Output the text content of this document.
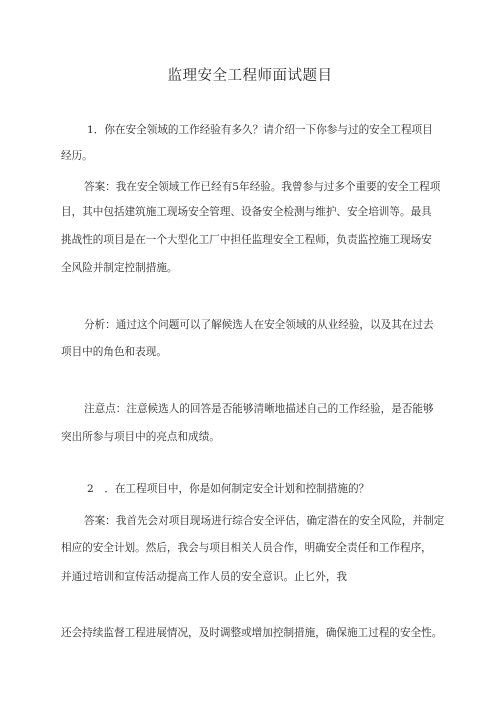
监理安全工程师面试题目
1．你在安全领域的工作经验有多久？请介绍一下你参与过的安全工程项目
经历。
答案：我在安全领域工作已经有5年经验。我曾参与过多个重要的安全工程项
目，其中包括建筑施工现场安全管理、设备安全检测与维护、安全培训等。最具
挑战性的项目是在一个大型化工厂中担任监理安全工程师，负责监控施工现场安
全风险并制定控制措施。
分析：通过这个问题可以了解候选人在安全领域的从业经验，以及其在过去
项目中的角色和表现。
注意点：注意候选人的回答是否能够清晰地描述自己的工作经验，是否能够
突出所参与项目中的亮点和成绩。
2　．在工程项目中，你是如何制定安全计划和控制措施的？
答案：我首先会对项目现场进行综合安全评估，确定潜在的安全风险，并制定
相应的安全计划。然后，我会与项目相关人员合作，明确安全责任和工作程序，
并通过培训和宣传活动提高工作人员的安全意识。止匕外，我
还会持续监督工程进展情况，及时调整或增加控制措施，确保施工过程的安全性。
